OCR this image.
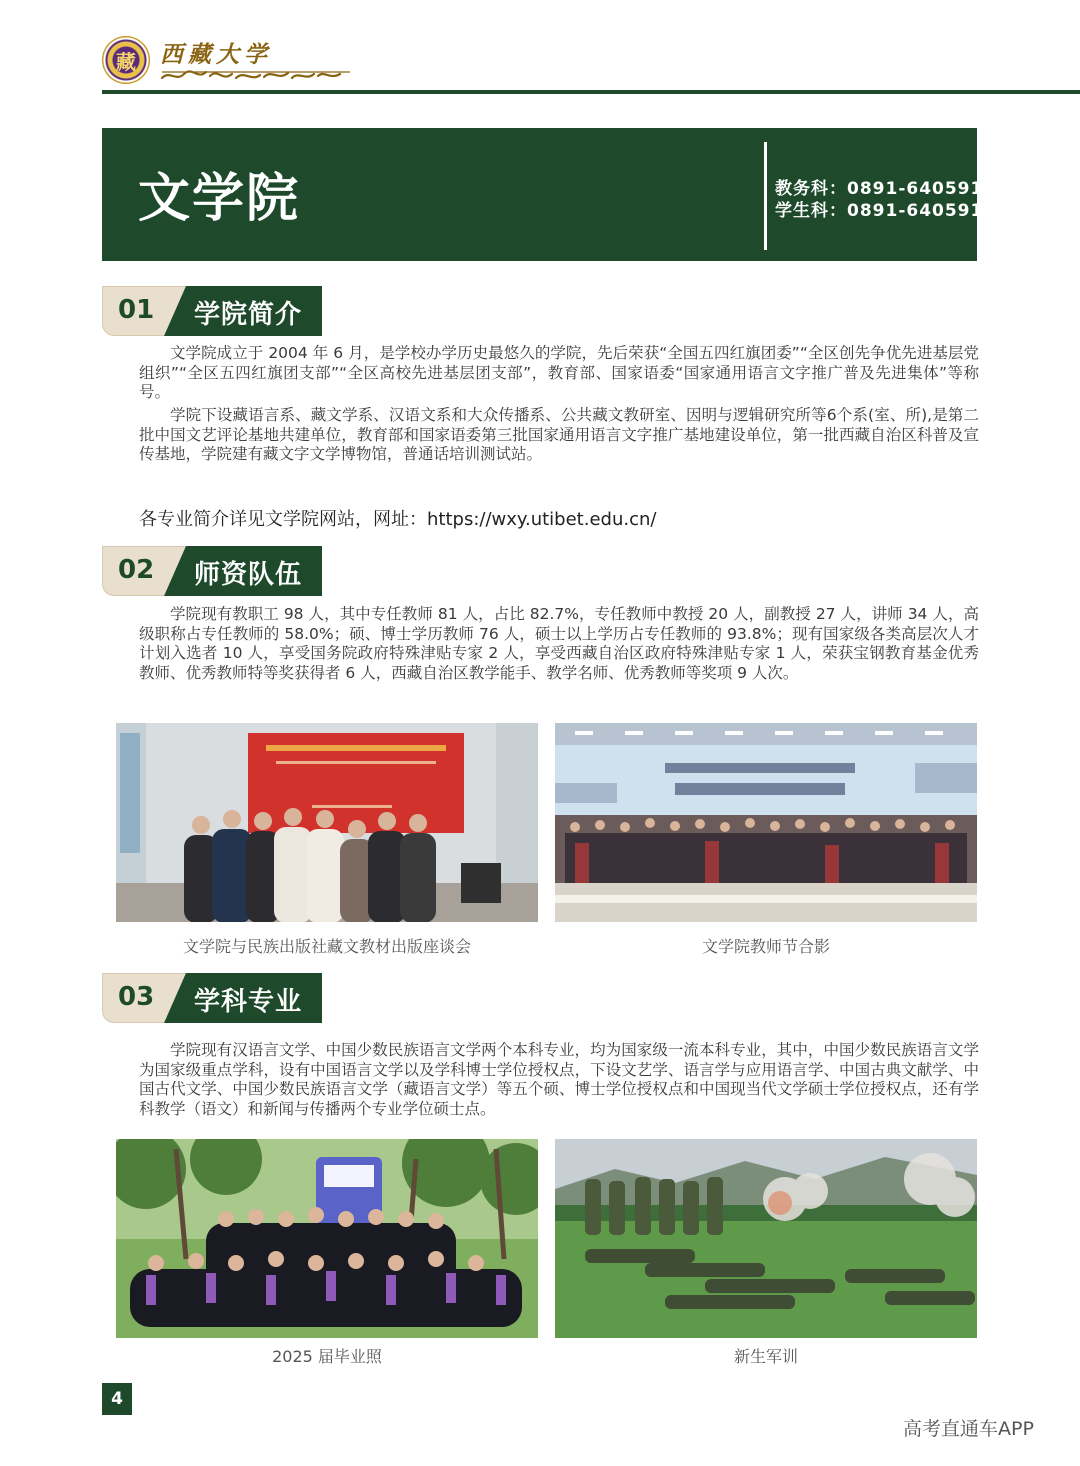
藏	西藏大学
文学院	教务科：0891-6405916
学生科：0891-6405915
01 学院简介

文学院成立于 2004 年 6 月，是学校办学历史最悠久的学院，先后荣获“全国五四红旗团委”“全区创先争优先进基层党组织”“全区五四红旗团支部”“全区高校先进基层团支部”，教育部、国家语委“国家通用语言文字推广普及先进集体”等称号。

学院下设藏语言系、藏文学系、汉语文系和大众传播系、公共藏文教研室、因明与逻辑研究所等6个系(室、所),是第二批中国文艺评论基地共建单位，教育部和国家语委第三批国家通用语言文字推广基地建设单位，第一批西藏自治区科普及宣传基地，学院建有藏文字文学博物馆，普通话培训测试站。

各专业简介详见文学院网站，网址：https://wxy.utibet.edu.cn/
02 师资队伍

学院现有教职工 98 人，其中专任教师 81 人，占比 82.7%，专任教师中教授 20 人，副教授 27 人，讲师 34 人，高级职称占专任教师的 58.0%；硕、博士学历教师 76 人，硕士以上学历占专任教师的 93.8%；现有国家级各类高层次人才计划入选者 10 人，享受国务院政府特殊津贴专家 2 人，享受西藏自治区政府特殊津贴专家 1 人，荣获宝钢教育基金优秀教师、优秀教师特等奖获得者 6 人，西藏自治区教学能手、教学名师、优秀教师等奖项 9 人次。

文学院与民族出版社藏文教材出版座谈会	文学院教师节合影
03 学科专业

学院现有汉语言文学、中国少数民族语言文学两个本科专业，均为国家级一流本科专业，其中，中国少数民族语言文学为国家级重点学科，设有中国语言文学以及学科博士学位授权点，下设文艺学、语言学与应用语言学、中国古典文献学、中国古代文学、中国少数民族语言文学（藏语言文学）等五个硕、博士学位授权点和中国现当代文学硕士学位授权点，还有学科教学（语文）和新闻与传播两个专业学位硕士点。

2025 届毕业照	新生军训
4
高考直通车APP
